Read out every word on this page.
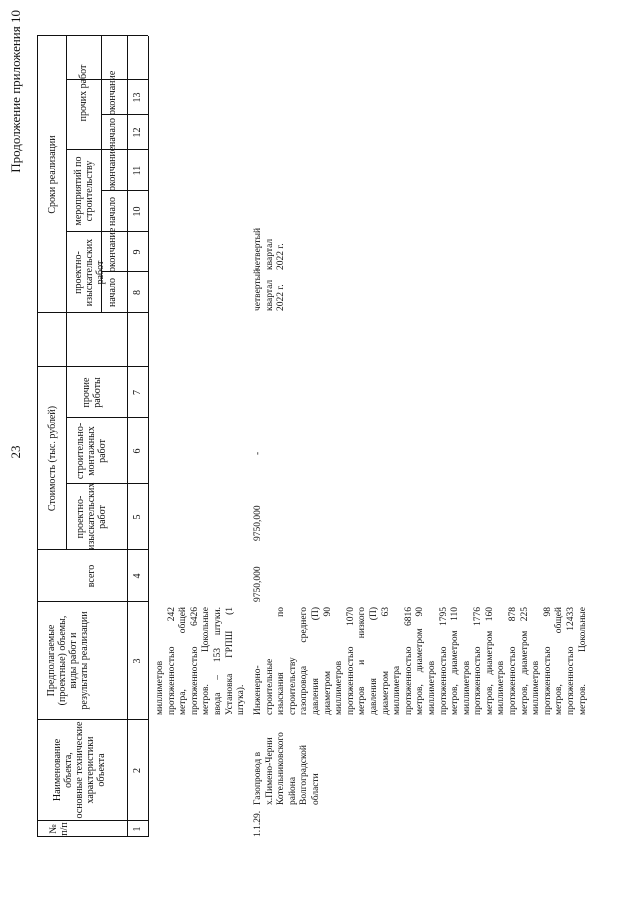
23
Продолжение приложения 10
№
п/п
Наименование объекта,
основные технические
характеристики объекта
Предполагаемые
(проектные) объемы,
виды работ и
результаты реализации
Стоимость (тыс. рублей)
всего
проектно-
изыскательских
работ
строительно-
монтажных
работ
прочие
работы
Сроки реализации
проектно-
изыскательских работ
мероприятий по
строительству
прочих работ
начало
окончание
начало
окончание
начало
окончание
1
2
3
4
5
6
7
8
9
10
11
12
13
миллиметров протяженностью 242 метра, общей протяженностью 6426 метров. Цокольные ввода – 153 штуки. Установка ГРПШ (1 штука).
1.1.29.
Газопровод в х.Пимено-Черни Котельниковского района Волгоградской области
Инженерно- строительные изыскания по строительству газопровода среднего давления (П) диаметром 90 миллиметров протяженностью 1070 метров и низкого давления (П) диаметром 63 миллиметра протяженностью 6816 метров, диаметром 90 миллиметров протяженностью 1795 метров, диаметром 110 миллиметров протяженностью 1776 метров, диаметром 160 миллиметров протяженностью 878 метров, диаметром 225 миллиметров протяженностью 98 метров, общей протяженностью 12433 метров. Цокольные
9750,000
9750,000
-
четвертый
квартал
2022 г.
четвертый
квартал
2022 г.
